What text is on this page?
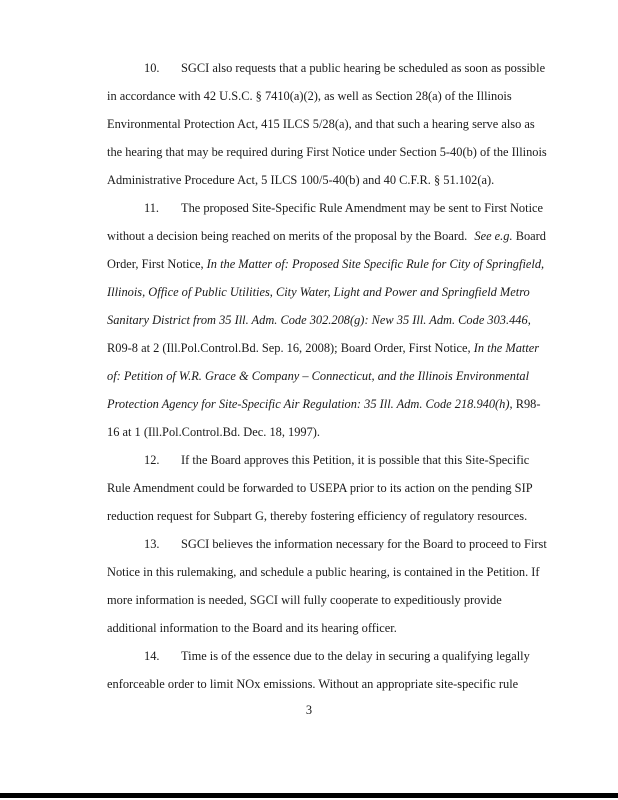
10. SGCI also requests that a public hearing be scheduled as soon as possible
in accordance with 42 U.S.C. § 7410(a)(2), as well as Section 28(a) of the Illinois
Environmental Protection Act, 415 ILCS 5/28(a), and that such a hearing serve also as
the hearing that may be required during First Notice under Section 5-40(b) of the Illinois
Administrative Procedure Act, 5 ILCS 100/5-40(b) and 40 C.F.R. § 51.102(a).
11. The proposed Site-Specific Rule Amendment may be sent to First Notice
without a decision being reached on merits of the proposal by the Board. See e.g. Board
Order, First Notice, In the Matter of: Proposed Site Specific Rule for City of Springfield,
Illinois, Office of Public Utilities, City Water, Light and Power and Springfield Metro
Sanitary District from 35 Ill. Adm. Code 302.208(g): New 35 Ill. Adm. Code 303.446,
R09-8 at 2 (Ill.Pol.Control.Bd. Sep. 16, 2008); Board Order, First Notice, In the Matter
of: Petition of W.R. Grace & Company – Connecticut, and the Illinois Environmental
Protection Agency for Site-Specific Air Regulation: 35 Ill. Adm. Code 218.940(h), R98-
16 at 1 (Ill.Pol.Control.Bd. Dec. 18, 1997).
12. If the Board approves this Petition, it is possible that this Site-Specific
Rule Amendment could be forwarded to USEPA prior to its action on the pending SIP
reduction request for Subpart G, thereby fostering efficiency of regulatory resources.
13. SGCI believes the information necessary for the Board to proceed to First
Notice in this rulemaking, and schedule a public hearing, is contained in the Petition. If
more information is needed, SGCI will fully cooperate to expeditiously provide
additional information to the Board and its hearing officer.
14. Time is of the essence due to the delay in securing a qualifying legally
enforceable order to limit NOx emissions. Without an appropriate site-specific rule
3
